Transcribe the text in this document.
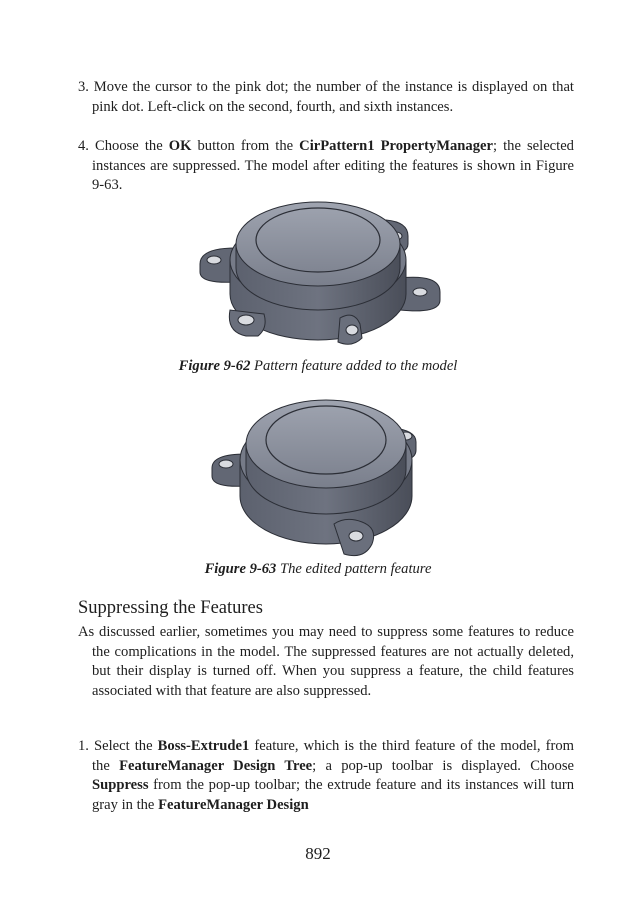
3. Move the cursor to the pink dot; the number of the instance is displayed on that pink dot. Left-click on the second, fourth, and sixth instances.

4. Choose the OK button from the CirPattern1 PropertyManager; the selected instances are suppressed. The model after editing the features is shown in Figure 9-63.

Figure 9-62 Pattern feature added to the model

Figure 9-63 The edited pattern feature

Suppressing the Features

As discussed earlier, sometimes you may need to suppress some features to reduce the complications in the model. The suppressed features are not actually deleted, but their display is turned off. When you suppress a feature, the child features associated with that feature are also suppressed.

1. Select the Boss-Extrude1 feature, which is the third feature of the model, from the FeatureManager Design Tree; a pop-up toolbar is displayed. Choose Suppress from the pop-up toolbar; the extrude feature and its instances will turn gray in the FeatureManager Design

892
